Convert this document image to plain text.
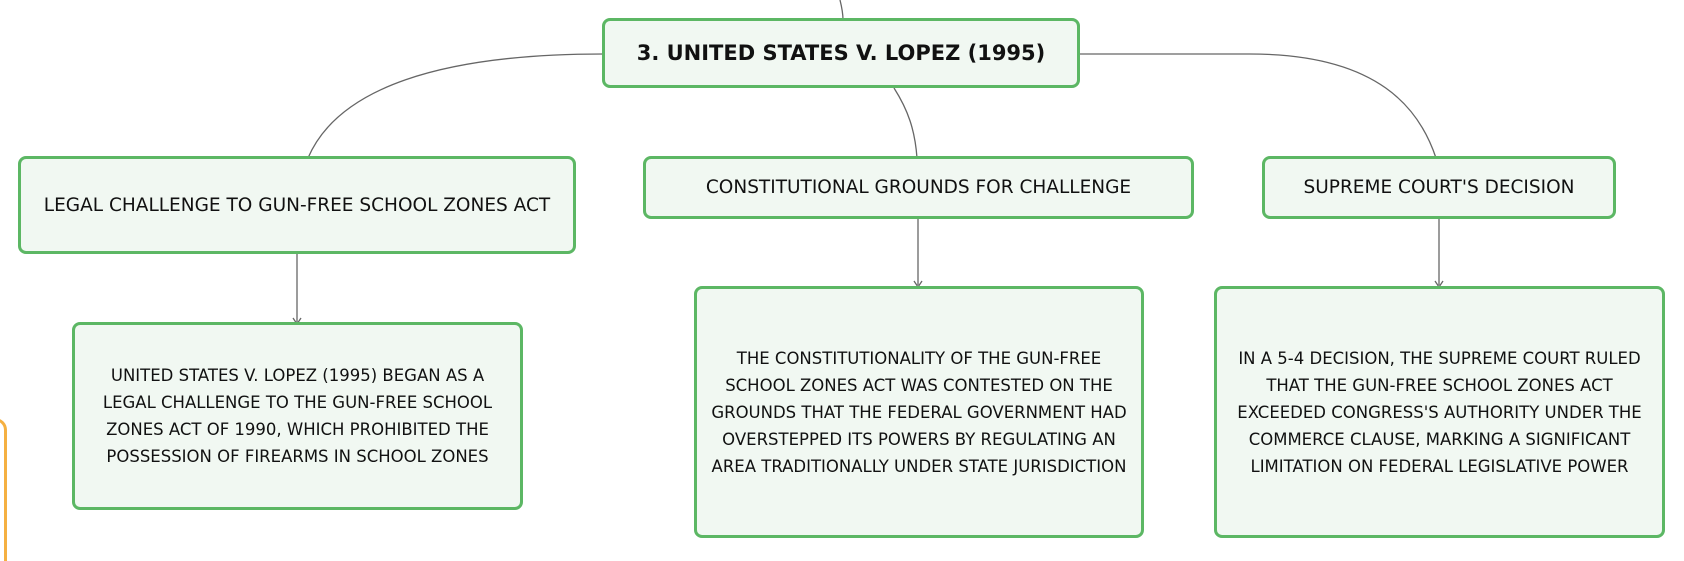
3. UNITED STATES V. LOPEZ (1995)
LEGAL CHALLENGE TO GUN-FREE SCHOOL ZONES ACT
CONSTITUTIONAL GROUNDS FOR CHALLENGE	SUPREME COURT'S DECISION
UNITED STATES V. LOPEZ (1995) BEGAN AS A LEGAL CHALLENGE TO THE GUN-FREE SCHOOL ZONES ACT OF 1990, WHICH PROHIBITED THE POSSESSION OF FIREARMS IN SCHOOL ZONES
THE CONSTITUTIONALITY OF THE GUN-FREE SCHOOL ZONES ACT WAS CONTESTED ON THE GROUNDS THAT THE FEDERAL GOVERNMENT HAD OVERSTEPPED ITS POWERS BY REGULATING AN AREA TRADITIONALLY UNDER STATE JURISDICTION
IN A 5-4 DECISION, THE SUPREME COURT RULED THAT THE GUN-FREE SCHOOL ZONES ACT EXCEEDED CONGRESS'S AUTHORITY UNDER THE COMMERCE CLAUSE, MARKING A SIGNIFICANT LIMITATION ON FEDERAL LEGISLATIVE POWER
